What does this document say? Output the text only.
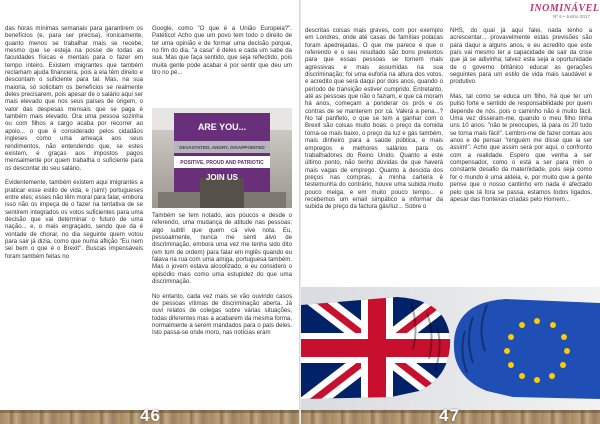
das horas mínimas semanais para garantirem os benefícios (e, para ser precisa), ironicamente, quanto menos se trabalhar mais se recebe, mesmo que se esteja na posse de todas as faculdades físicas e mentais para o fazer em tempo inteiro. Existem imigrantes que também reclamam ajuda financeira, pois a ela têm direito e descontam o suficiente para tal. Mas, na sua maioria, só solicitam os benefícios se realmente deles precisarem, pois apesar de o salário aqui ser mais elevado que nos seus países de origem, o valor das despesas mensais que se paga é também mais elevado. Ora uma pessoa sozinha ou com filhos a cargo acaba por recorrer ao apoio... o que é considerado pelos cidadãos ingleses como uma ameaça aos seus rendimentos, não entendendo que, se estes existem, é graças aos impostos pagos mensalmente por quem trabalha o suficiente para os descontar do seu salário.

Evidentemente, também existem aqui imigrantes a praticar esse estilo de vida, e (sim!) portugueses entre eles; esses não têm moral para falar, embora isso não os impeça de o fazer na tentativa de se sentirem integrados os votos suficientes para uma decisão que vai determinar o futuro de uma nação... e, o mais engraçado, sendo que da é vontade de chorar, no dia seguinte quem votou para sair já dizia, como que numa aflição "Eu nem sei bem o que é o Brexit". Buscas impensáveis foram também feitas no

Google, como "O que é a União Europeia?". Patético! Acho que um povo tem todo o direito de ter uma opinião e de formar uma decisão porque, no fim do dia, "a casa" é deles e cada um sabe da sua. Mas que faça sentido, que seja reflectido, pois muita gente pode acabar é por sentir que deu um tiro no pé...

ARE YOU...
DEVASTATED, ANGRY, DISAPPOINTED
POSITIVE, PROUD AND PATRIOTIC
JOIN US

Também se tem notado, aos poucos e desde o referendo, uma mudança de atitude nas pessoas; algo subtil que quem cá vive nota. Eu, pessoalmente, nunca me senti alvo de discriminação, embora uma vez me tenha sido dito (em tom de ordem) para falar em inglês quando eu falava na rua com uma amiga, portuguesa também. Mas o jovem estava alcoolizado, e eu considero o episódio mais como uma estupidez do que uma discriminação.

No entanto, cada vez mais se vão ouvindo casos de pessoas vítimas de discriminação aberta. Já ouvi relatos de colegas sobre várias situações, todas diferentes mas a acabarem da mesma forma, normalmente a serem mandados para o país deles. Isto passa-se onde moro, nas notícias eram

46
INOMINÁVEL
Nº 6 • Junho 2017

descritas coisas mais graves, com por exemplo em Londres, onde até casas de famílias polacas foram apedrejadas. O que me parece é que o referendo e o seu resultado são bons pretextos para que essas pessoas se tornem mais agressivas e mais assumidas na sua discriminação; foi uma euforia na altura dos votos, e acredito que será daqui por dois anos, quando o período de transição estiver cumprido. Entretanto, até as pessoas que não o faziam, e que cá moram há anos, começam a ponderar os prós e os contras de se manterem por cá. Valerá a pena...? No tal panfleto, o que se tem a ganhar com o Brexit são coisas muito boas: o preço da comida torna-se mais baixo, o preço da luz e gás também, mais dinheiro para a saúde pública, e mais empregos e melhores salários para os trabalhadores do Reino Unido. Quanto a este último ponto, não tenho dúvidas de que haverá mais vagas de emprego. Quanto à descida dos preços nas compras, a minha carteira é testemunha do contrário, houve uma subida muito pouco meiga, e em muito pouco tempo... e recebemos um email simpático a informar da subida de preço da factura gás/luz... Sobre o

NHS, do qual já aqui falei, nada tenho a acrescentar... provavelmente estas previsões são para daqui a alguns anos, e eu acredito que este país vai mesmo ter a capacidade de sair da crise que já se adivinha; talvez esta seja a oportunidade de o governo britânico educar as gerações seguintes para um estilo de vida mais saudável e produtivo.

Mas, tal como se educa um filho, há que ter um pulso forte e sentido de responsabilidade por quem depende de nós, pois o caminho não é muito fácil. Uma vez disseram-me, quando o meu filho tinha uns 10 anos: "não te preocupes, lá para os 20 tudo se torna mais fácil". Lembro-me de fazer contas aos anos e de pensar "ninguém me disse que ia ser assim!". Acho que assim será por aqui, o confronto com a realidade. Espero que venha a ser compensador, como o está a ser para mim o constante desafio da maternidade, pois seja como for o mundo é uma aldeia, e, por muito que a gente pense que o nosso cantinho em nada é afectado pelo que lá fora se passa, estamos todos ligados, apesar das fronteiras criadas pelo Homem...

47
